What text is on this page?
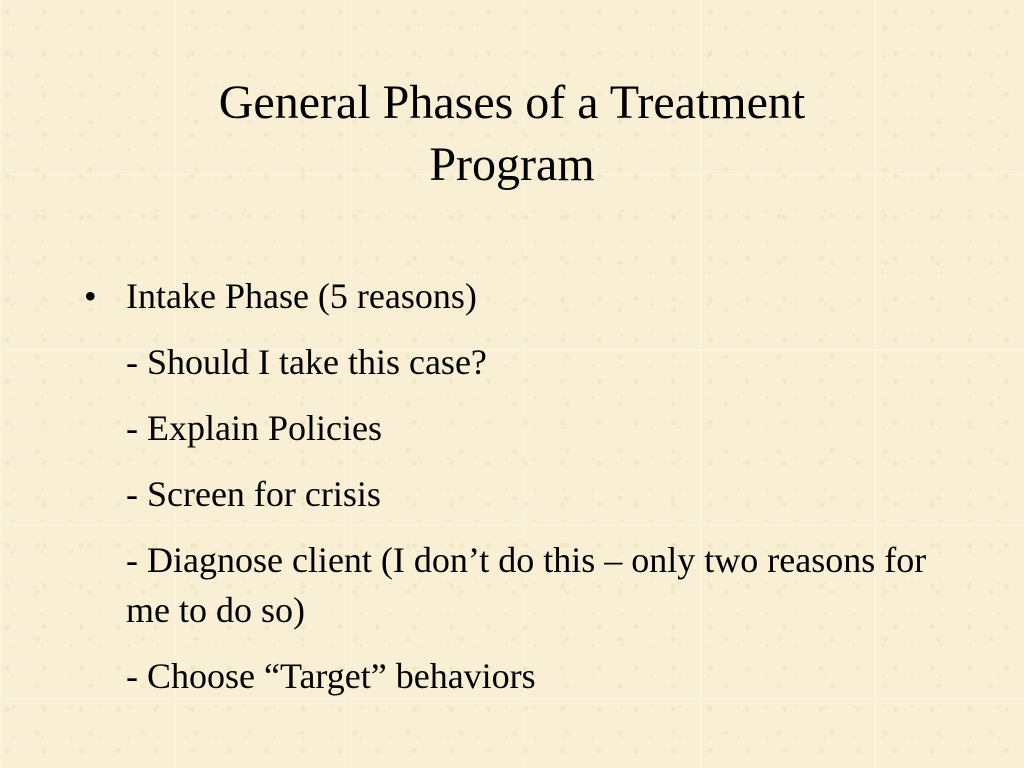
General Phases of a Treatment
Program
• Intake Phase (5 reasons)
- Should I take this case?
- Explain Policies
- Screen for crisis
- Diagnose client (I don’t do this – only two reasons for me to do so)
- Choose “Target” behaviors
